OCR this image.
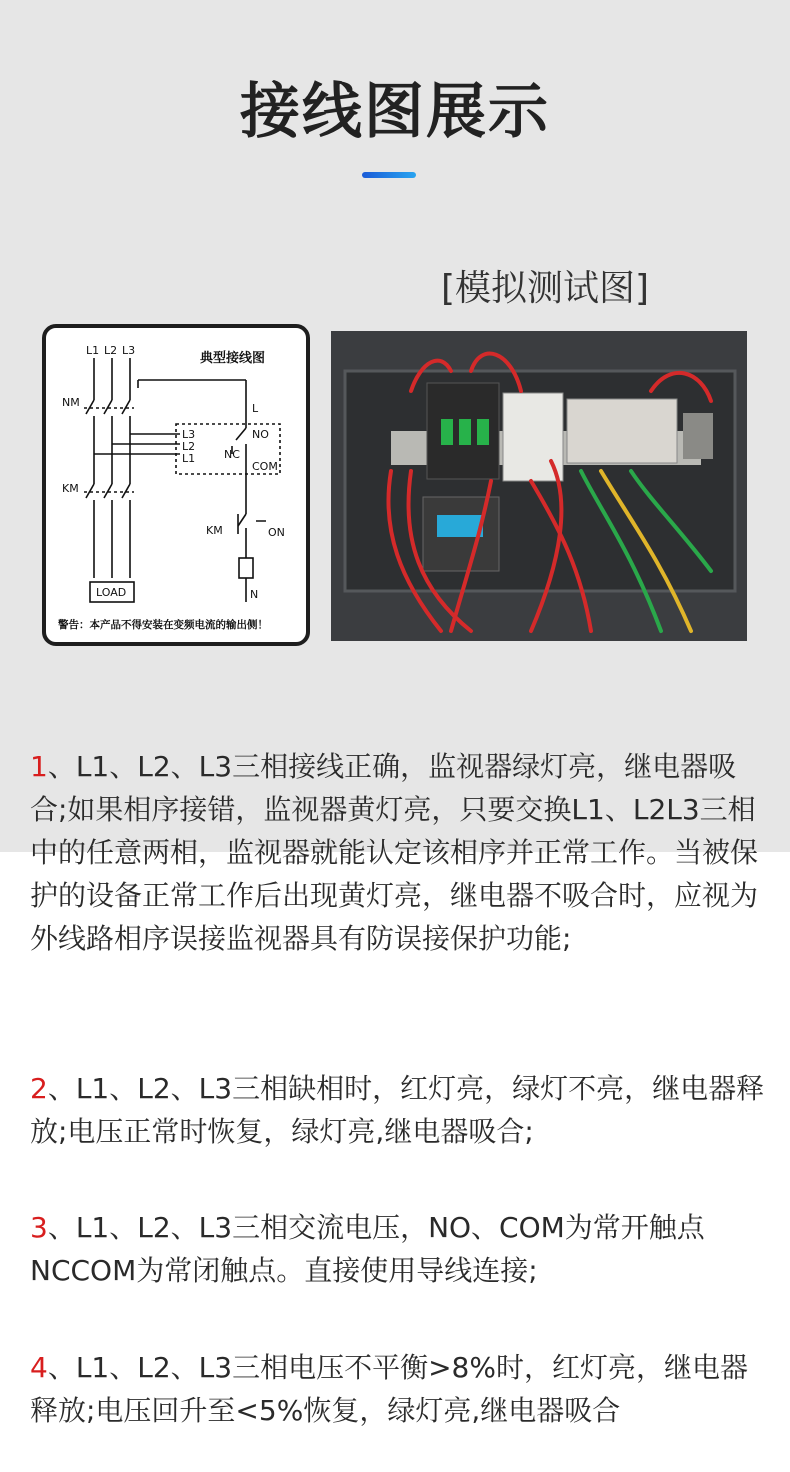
接线图展示
[模拟测试图]
L1 L2 L3
典型接线图
NM
KM
L3
L2
L1
L
NO
NC
COM
KM	ON
N
LOAD
警告：本产品不得安装在变频电流的输出侧！

1、L1、L2、L3三相接线正确，监视器绿灯亮，继电器吸合;如果相序接错，监视器黄灯亮，只要交换L1、L2L3三相中的任意两相，监视器就能认定该相序并正常工作。当被保护的设备正常工作后出现黄灯亮，继电器不吸合时，应视为外线路相序误接监视器具有防误接保护功能;

2、L1、L2、L3三相缺相时，红灯亮，绿灯不亮，继电器释放;电压正常时恢复，绿灯亮,继电器吸合;

3、L1、L2、L3三相交流电压，NO、COM为常开触点NCCOM为常闭触点。直接使用导线连接;

4、L1、L2、L3三相电压不平衡>8%时，红灯亮，继电器释放;电压回升至<5%恢复，绿灯亮,继电器吸合
